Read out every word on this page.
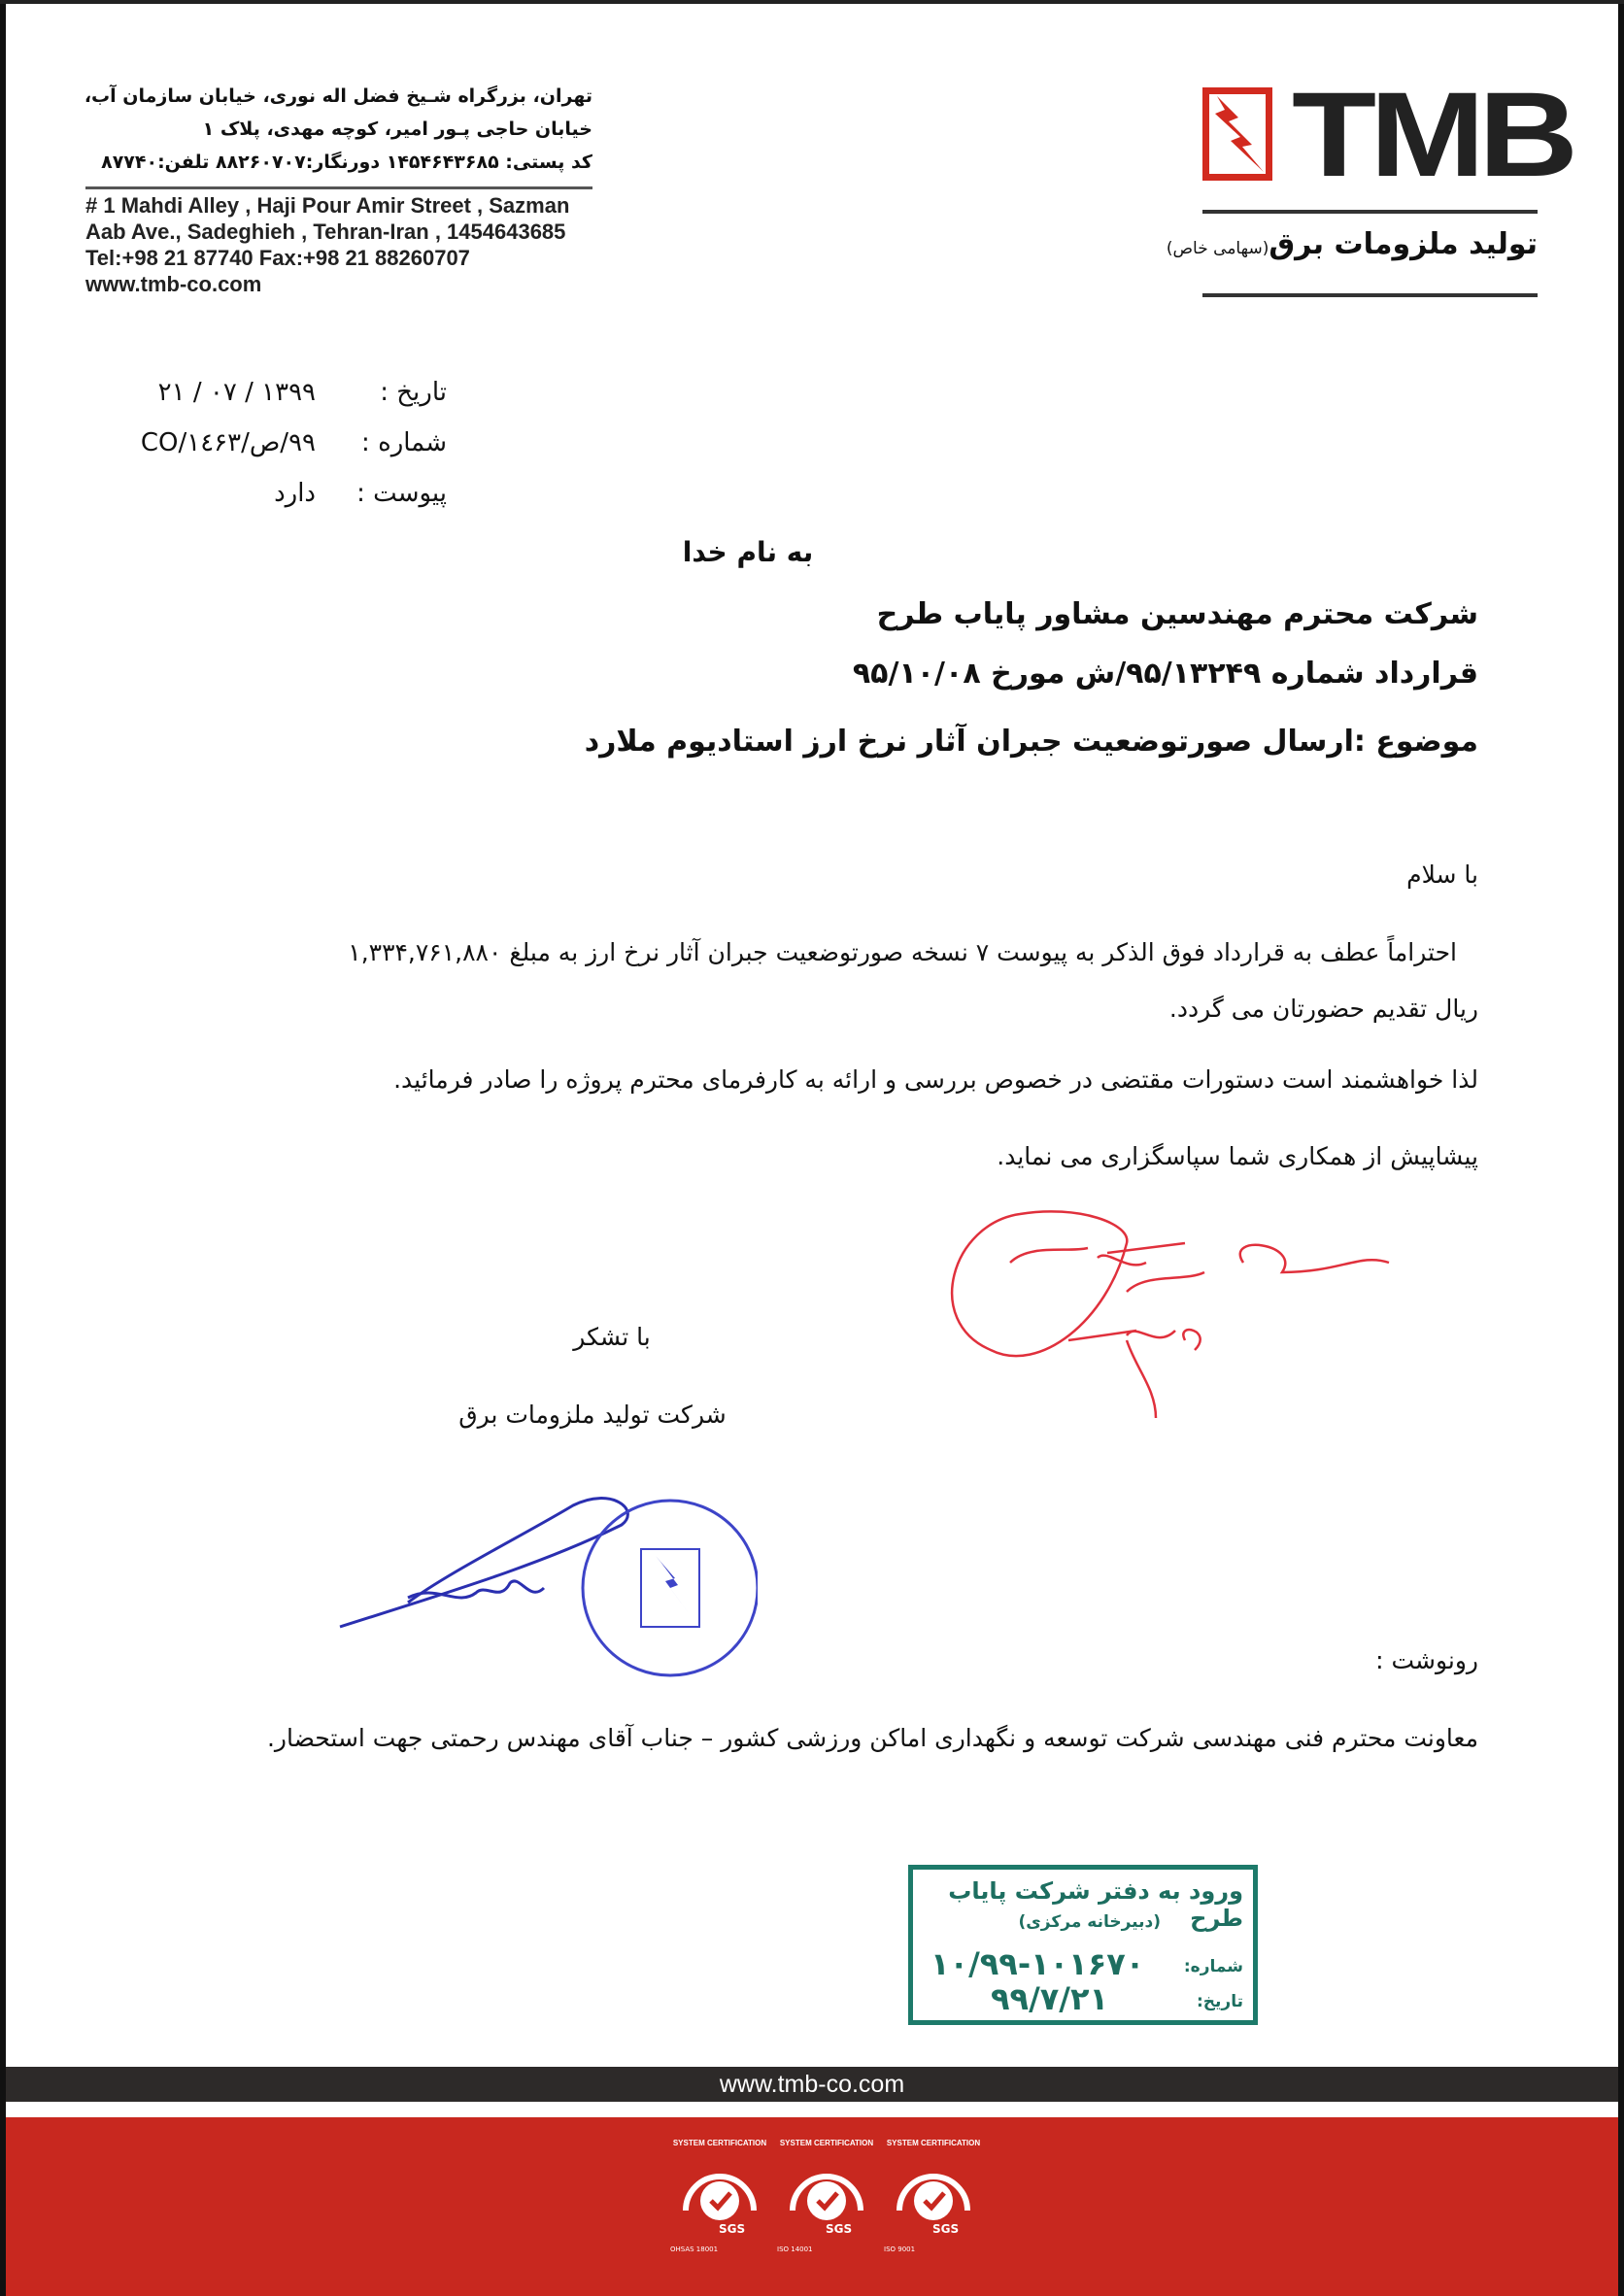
تهران، بزرگراه شـیخ فضل اله نوری، خیابان سازمان آب،
خیابان حاجی پـور امیر، کوچه مهدی، پلاک ۱
کد پستی: ۱۴۵۴۶۴۳۶۸۵ دورنگار:۸۸۲۶۰۷۰۷ تلفن:۸۷۷۴۰
# 1 Mahdi Alley , Haji Pour Amir Street , Sazman
Aab Ave., Sadeghieh , Tehran-Iran , 1454643685
Tel:+98 21 87740 Fax:+98 21 88260707
www.tmb-co.com
TMB
تولید ملزومات برق(سهامی خاص)
تاریخ :
۱۳۹۹ / ۰۷ / ۲۱
شماره :
۹۹/ص/CO/۱٤۶۳
پیوست :
دارد
به نام خدا
شرکت محترم مهندسین مشاور پایاب طرح
قرارداد شماره ۹۵/۱۳۲۴۹/ش مورخ ۹۵/۱۰/۰۸
موضوع :ارسال صورتوضعیت جبران آثار نرخ ارز استادیوم ملارد
با سلام
احتراماً عطف به قرارداد فوق الذکر به پیوست ۷ نسخه صورتوضعیت جبران آثار نرخ ارز به مبلغ ۱,۳۳۴,۷۶۱,۸۸۰
ریال تقدیم حضورتان می گردد.
لذا خواهشمند است دستورات مقتضی در خصوص بررسی و ارائه به کارفرمای محترم پروژه را صادر فرمائید.
پیشاپیش از همکاری شما سپاسگزاری می نماید.
با تشکر
شرکت تولید ملزومات برق
رونوشت :
معاونت محترم فنی مهندسی شرکت توسعه و نگهداری اماکن ورزشی کشور – جناب آقای مهندس رحمتی جهت استحضار.
ورود به دفتر شرکت پایاب طرح
(دبیرخانه مرکزی)
شماره:
۱۰/۹۹-۱۰۱۶۷۰
تاریخ:
۹۹/۷/۲۱
www.tmb-co.com
SYSTEM CERTIFICATION
SGS
OHSAS 18001
SYSTEM CERTIFICATION
SGS
ISO 14001
SYSTEM CERTIFICATION
SGS
ISO 9001
